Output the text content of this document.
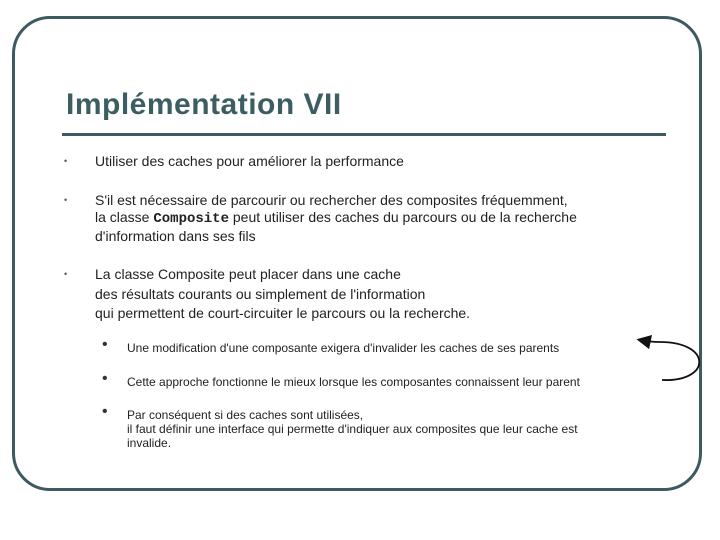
Implémentation VII
• Utiliser des caches pour améliorer la performance
• S'il est nécessaire de parcourir ou rechercher des composites fréquemment,
la classe Composite peut utiliser des caches du parcours ou de la recherche
d'information dans ses fils
• La classe Composite peut placer dans une cache
des résultats courants ou simplement de l'information
qui permettent de court-circuiter le parcours ou la recherche.
• Une modification d'une composante exigera d'invalider les caches de ses parents
• Cette approche fonctionne le mieux lorsque les composantes connaissent leur parent
• Par conséquent si des caches sont utilisées,
il faut définir une interface qui permette d'indiquer aux composites que leur cache est
invalide.
